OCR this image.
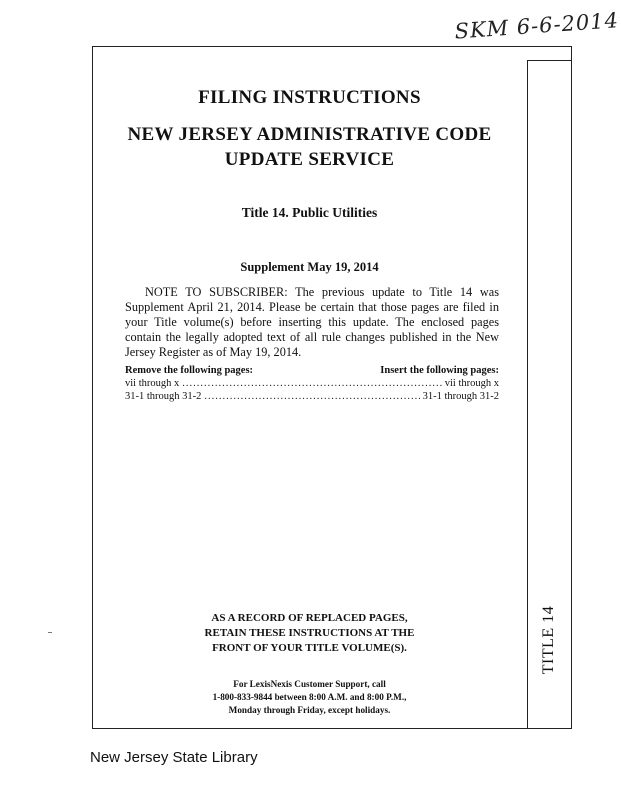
SKM 6-6-2014
TITLE 14
FILING INSTRUCTIONS
NEW JERSEY ADMINISTRATIVE CODE
UPDATE SERVICE
Title 14. Public Utilities
Supplement May 19, 2014
NOTE TO SUBSCRIBER: The previous update to Title 14 was Supplement April 21, 2014. Please be certain that those pages are filed in your Title volume(s) before inserting this update. The enclosed pages contain the legally adopted text of all rule changes published in the New Jersey Register as of May 19, 2014.
Remove the following pages:	Insert the following pages:
vii through x .....	vii through x
31-1 through 31-2 .....	31-1 through 31-2
AS A RECORD OF REPLACED PAGES,
RETAIN THESE INSTRUCTIONS AT THE
FRONT OF YOUR TITLE VOLUME(S).
For LexisNexis Customer Support, call
1-800-833-9844 between 8:00 A.M. and 8:00 P.M.,
Monday through Friday, except holidays.
New Jersey State Library
